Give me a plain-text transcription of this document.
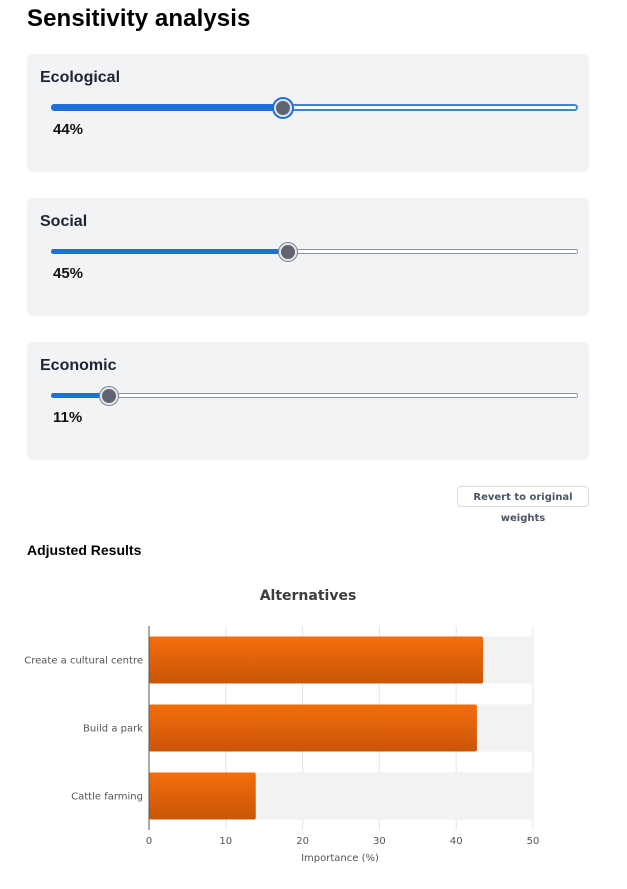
Sensitivity analysis
Ecological
44%
Social
45%
Economic
11%
Revert to original weights
Adjusted Results
Alternatives
Create a cultural centre
Build a park
Cattle farming
0	10	20	30	40	50
Importance (%)
